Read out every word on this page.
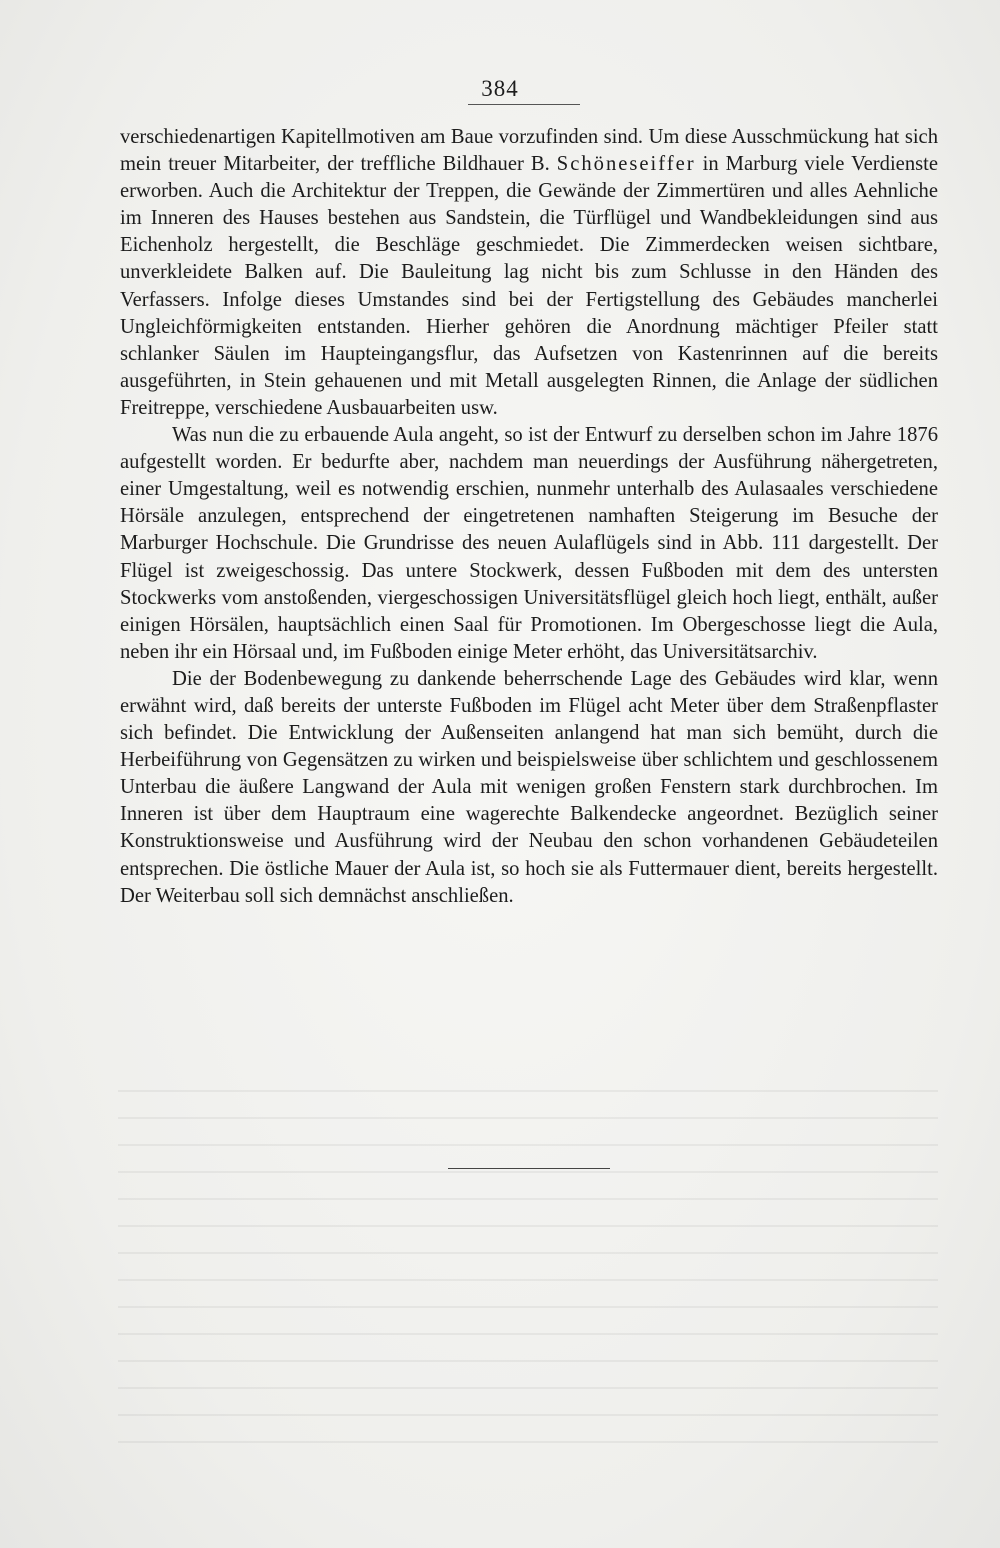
384

verschiedenartigen Kapitellmotiven am Baue vorzufinden sind. Um diese Ausschmückung hat sich mein treuer Mitarbeiter, der treffliche Bildhauer B. Schöneseiffer in Marburg viele Verdienste erworben. Auch die Architektur der Treppen, die Gewände der Zimmertüren und alles Aehnliche im Inneren des Hauses bestehen aus Sandstein, die Türflügel und Wandbekleidungen sind aus Eichenholz hergestellt, die Beschläge geschmiedet. Die Zimmerdecken weisen sichtbare, unverkleidete Balken auf. Die Bauleitung lag nicht bis zum Schlusse in den Händen des Verfassers. Infolge dieses Umstandes sind bei der Fertigstellung des Gebäudes mancherlei Ungleichförmigkeiten entstanden. Hierher gehören die Anordnung mächtiger Pfeiler statt schlanker Säulen im Haupteingangsflur, das Aufsetzen von Kastenrinnen auf die bereits ausgeführten, in Stein gehauenen und mit Metall ausgelegten Rinnen, die Anlage der südlichen Freitreppe, verschiedene Ausbauarbeiten usw.

Was nun die zu erbauende Aula angeht, so ist der Entwurf zu derselben schon im Jahre 1876 aufgestellt worden. Er bedurfte aber, nachdem man neuerdings der Ausführung nähergetreten, einer Umgestaltung, weil es notwendig erschien, nunmehr unterhalb des Aulasaales verschiedene Hörsäle anzulegen, entsprechend der eingetretenen namhaften Steigerung im Besuche der Marburger Hochschule. Die Grundrisse des neuen Aulaflügels sind in Abb. 111 dargestellt. Der Flügel ist zweigeschossig. Das untere Stockwerk, dessen Fußboden mit dem des untersten Stockwerks vom anstoßenden, viergeschossigen Universitätsflügel gleich hoch liegt, enthält, außer einigen Hörsälen, hauptsächlich einen Saal für Promotionen. Im Obergeschosse liegt die Aula, neben ihr ein Hörsaal und, im Fußboden einige Meter erhöht, das Universitätsarchiv.

Die der Bodenbewegung zu dankende beherrschende Lage des Gebäudes wird klar, wenn erwähnt wird, daß bereits der unterste Fußboden im Flügel acht Meter über dem Straßenpflaster sich befindet. Die Entwicklung der Außenseiten anlangend hat man sich bemüht, durch die Herbeiführung von Gegensätzen zu wirken und beispielsweise über schlichtem und geschlossenem Unterbau die äußere Langwand der Aula mit wenigen großen Fenstern stark durchbrochen. Im Inneren ist über dem Hauptraum eine wagerechte Balkendecke angeordnet. Bezüglich seiner Konstruktionsweise und Ausführung wird der Neubau den schon vorhandenen Gebäudeteilen entsprechen. Die östliche Mauer der Aula ist, so hoch sie als Futtermauer dient, bereits hergestellt. Der Weiterbau soll sich demnächst anschließen.
